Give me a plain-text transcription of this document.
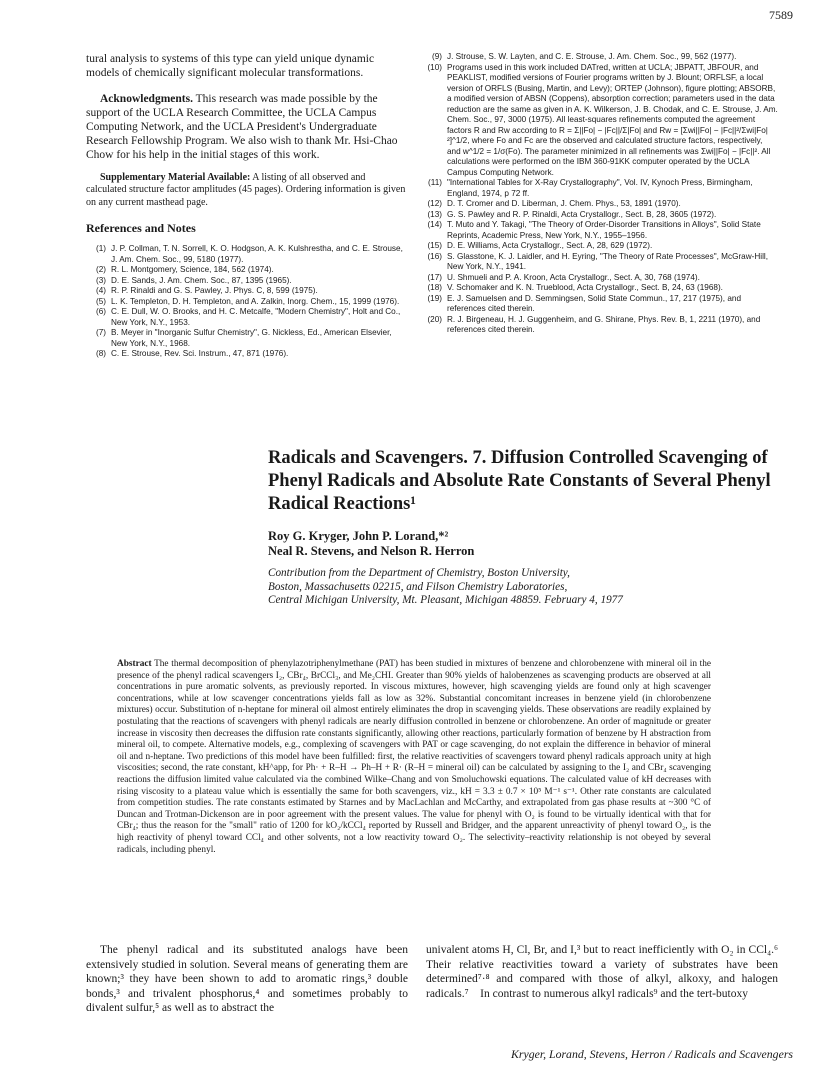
7589

tural analysis to systems of this type can yield unique dynamic models of chemically significant molecular transformations.

Acknowledgments. This research was made possible by the support of the UCLA Research Committee, the UCLA Campus Computing Network, and the UCLA President's Undergraduate Research Fellowship Program. We also wish to thank Mr. Hsi-Chao Chow for his help in the initial stages of this work.

Supplementary Material Available: A listing of all observed and calculated structure factor amplitudes (45 pages). Ordering information is given on any current masthead page.

References and Notes
(1) J. P. Collman, T. N. Sorrell, K. O. Hodgson, A. K. Kulshrestha, and C. E. Strouse, J. Am. Chem. Soc., 99, 5180 (1977).
(2) R. L. Montgomery, Science, 184, 562 (1974).
(3) D. E. Sands, J. Am. Chem. Soc., 87, 1395 (1965).
(4) R. P. Rinaldi and G. S. Pawley, J. Phys. C, 8, 599 (1975).
(5) L. K. Templeton, D. H. Templeton, and A. Zalkin, Inorg. Chem., 15, 1999 (1976).
(6) C. E. Dull, W. O. Brooks, and H. C. Metcalfe, "Modern Chemistry", Holt and Co., New York, N.Y., 1953.
(7) B. Meyer in "Inorganic Sulfur Chemistry", G. Nickless, Ed., American Elsevier, New York, N.Y., 1968.
(8) C. E. Strouse, Rev. Sci. Instrum., 47, 871 (1976).
(9) J. Strouse, S. W. Layten, and C. E. Strouse, J. Am. Chem. Soc., 99, 562 (1977).
(10) Programs used in this work included DATred, written at UCLA; JBPATT, JBFOUR, and PEAKLIST, modified versions of Fourier programs written by J. Blount; ORFLSF, a local version of ORFLS (Busing, Martin, and Levy); ORTEP (Johnson), figure plotting; ABSORB, a modified version of ABSN (Coppens), absorption correction; parameters used in the data reduction are the same as given in A. K. Wilkerson, J. B. Chodak, and C. E. Strouse, J. Am. Chem. Soc., 97, 3000 (1975). All least-squares refinements computed the agreement factors R and Rw according to R = Σ||Fo| − |Fc||/Σ|Fo| and Rw = [Σwi||Fo| − |Fc||²/Σwi|Fo|²]^1/2, where Fo and Fc are the observed and calculated structure factors, respectively, and w^1/2 = 1/σ(Fo). The parameter minimized in all refinements was Σwi||Fo| − |Fc||². All calculations were performed on the IBM 360-91KK computer operated by the UCLA Campus Computing Network.
(11) "International Tables for X-Ray Crystallography", Vol. IV, Kynoch Press, Birmingham, England, 1974, p 72 ff.
(12) D. T. Cromer and D. Liberman, J. Chem. Phys., 53, 1891 (1970).
(13) G. S. Pawley and R. P. Rinaldi, Acta Crystallogr., Sect. B, 28, 3605 (1972).
(14) T. Muto and Y. Takagi, "The Theory of Order-Disorder Transitions in Alloys", Solid State Reprints, Academic Press, New York, N.Y., 1955–1956.
(15) D. E. Williams, Acta Crystallogr., Sect. A, 28, 629 (1972).
(16) S. Glasstone, K. J. Laidler, and H. Eyring, "The Theory of Rate Processes", McGraw-Hill, New York, N.Y., 1941.
(17) U. Shmueli and P. A. Kroon, Acta Crystallogr., Sect. A, 30, 768 (1974).
(18) V. Schomaker and K. N. Trueblood, Acta Crystallogr., Sect. B, 24, 63 (1968).
(19) E. J. Samuelsen and D. Semmingsen, Solid State Commun., 17, 217 (1975), and references cited therein.
(20) R. J. Birgeneau, H. J. Guggenheim, and G. Shirane, Phys. Rev. B, 1, 2211 (1970), and references cited therein.
Radicals and Scavengers. 7. Diffusion Controlled Scavenging of Phenyl Radicals and Absolute Rate Constants of Several Phenyl Radical Reactions¹

Roy G. Kryger, John P. Lorand,*²
Neal R. Stevens, and Nelson R. Herron

Contribution from the Department of Chemistry, Boston University,
Boston, Massachusetts 02215, and Filson Chemistry Laboratories,
Central Michigan University, Mt. Pleasant, Michigan 48859. February 4, 1977

Abstract The thermal decomposition of phenylazotriphenylmethane (PAT) has been studied in mixtures of benzene and chlorobenzene with mineral oil in the presence of the phenyl radical scavengers I₂, CBr₄, BrCCl₃, and Me₂CHI. Greater than 90% yields of halobenzenes as scavenging products are observed at all concentrations in pure aromatic solvents, as previously reported. In viscous mixtures, however, high scavenging yields are found only at high scavenger concentrations, while at low scavenger concentrations yields fall as low as 32%. Substantial concomitant increases in benzene yield (in chlorobenzene mixtures) occur. Substitution of n-heptane for mineral oil almost entirely eliminates the drop in scavenging yields. These observations are readily explained by postulating that the reactions of scavengers with phenyl radicals are nearly diffusion controlled in benzene or chlorobenzene. An order of magnitude or greater increase in viscosity then decreases the diffusion rate constants significantly, allowing other reactions, particularly formation of benzene by H abstraction from mineral oil, to compete. Alternative models, e.g., complexing of scavengers with PAT or cage scavenging, do not explain the difference in behavior of mineral oil and n-heptane. Two predictions of this model have been fulfilled: first, the relative reactivities of scavengers toward phenyl radicals approach unity at high viscosities; second, the rate constant, kH^app, for Ph· + R–H → Ph–H + R· (R–H = mineral oil) can be calculated by assigning to the I₂ and CBr₄ scavenging reactions the diffusion limited value calculated via the combined Wilke–Chang and von Smoluchowski equations. The calculated value of kH decreases with rising viscosity to a plateau value which is essentially the same for both scavengers, viz., kH = 3.3 ± 0.7 × 10⁵ M⁻¹ s⁻¹. Other rate constants are calculated from competition studies. The rate constants estimated by Starnes and by MacLachlan and McCarthy, and extrapolated from gas phase results at ~300 °C of Duncan and Trotman-Dickenson are in poor agreement with the present values. The value for phenyl with O₂ is found to be virtually identical with that for CBr₄; thus the reason for the "small" ratio of 1200 for kO₂/kCCl₄ reported by Russell and Bridger, and the apparent unreactivity of phenyl toward O₂, is the high reactivity of phenyl toward CCl₄ and other solvents, not a low reactivity toward O₂. The selectivity–reactivity relationship is not obeyed by several radicals, including phenyl.

The phenyl radical and its substituted analogs have been extensively studied in solution. Several means of generating them are known;³ they have been shown to add to aromatic rings,³ double bonds,³ and trivalent phosphorus,⁴ and sometimes probably to divalent sulfur,⁵ as well as to abstract the

univalent atoms H, Cl, Br, and I,³ but to react inefficiently with O₂ in CCl₄.⁶ Their relative reactivities toward a variety of substrates have been determined⁷·⁸ and compared with those of alkyl, alkoxy, and halogen radicals.⁷ In contrast to numerous alkyl radicals⁹ and the tert-butoxy

Kryger, Lorand, Stevens, Herron / Radicals and Scavengers
